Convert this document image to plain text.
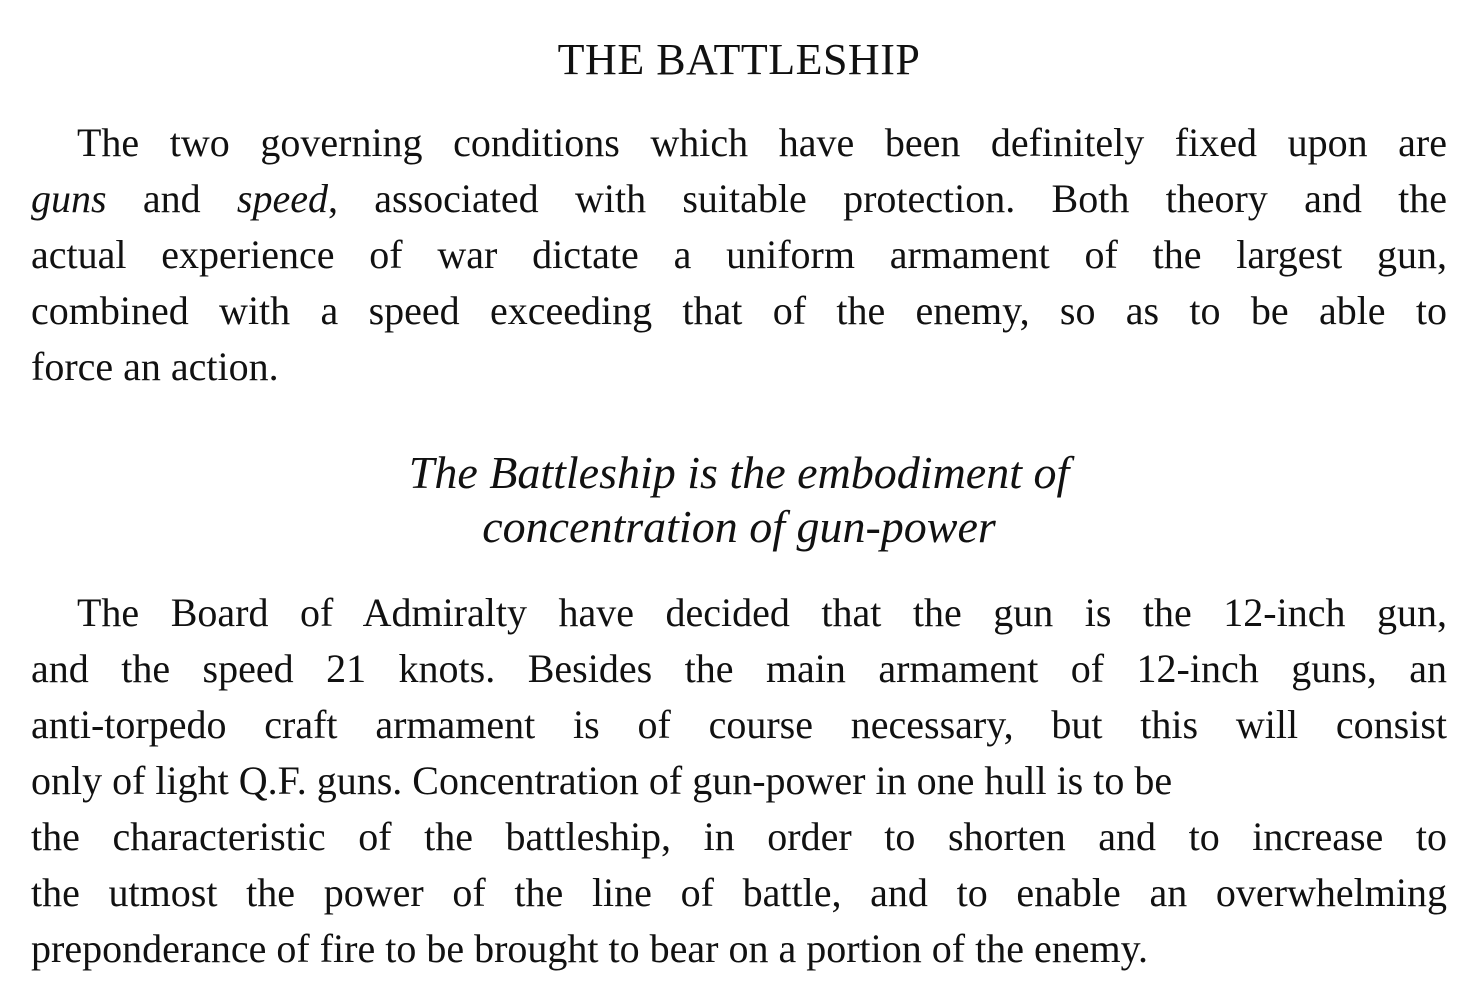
THE BATTLESHIP
The two governing conditions which have been definitely fixed upon are
guns and speed, associated with suitable protection. Both theory and the
actual experience of war dictate a uniform armament of the largest gun,
combined with a speed exceeding that of the enemy, so as to be able to
force an action.
The Battleship is the embodiment of
concentration of gun-power
The Board of Admiralty have decided that the gun is the 12-inch gun,
and the speed 21 knots. Besides the main armament of 12-inch guns, an
anti-torpedo craft armament is of course necessary, but this will consist
only of light Q.F. guns. Concentration of gun-power in one hull is to be
the characteristic of the battleship, in order to shorten and to increase to
the utmost the power of the line of battle, and to enable an overwhelming
preponderance of fire to be brought to bear on a portion of the enemy.
